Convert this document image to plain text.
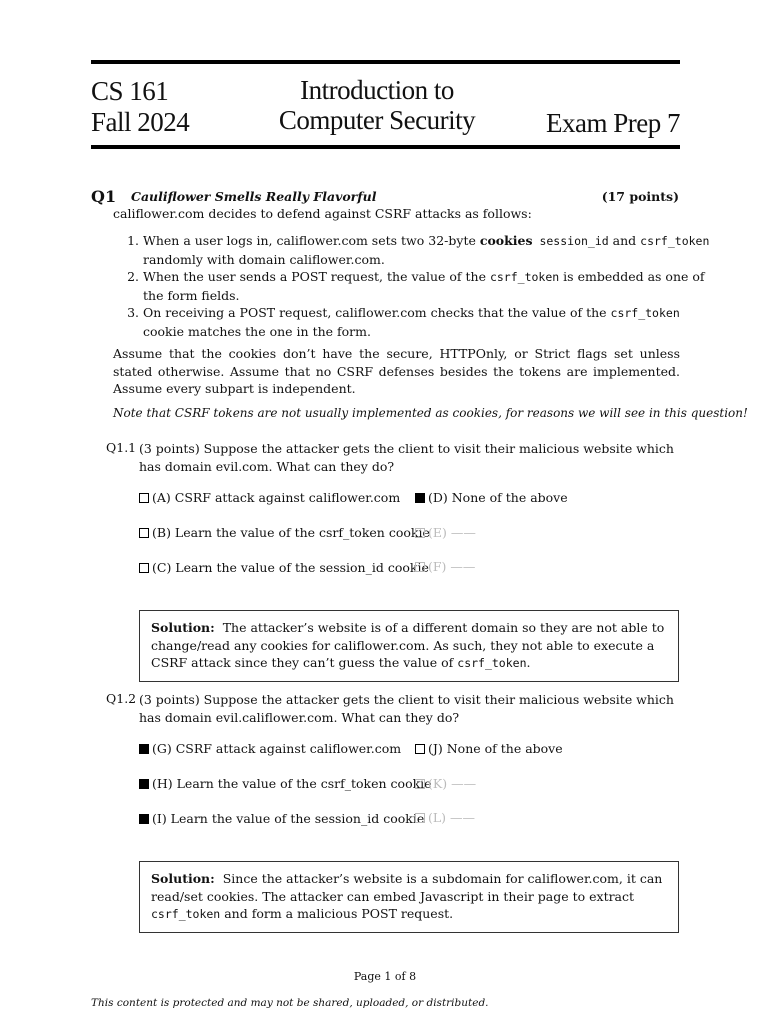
CS 161
Fall 2024
Introduction to
Computer Security	Exam Prep 7
Q1 Cauliflower Smells Really Flavorful	(17 points)
califlower.com decides to defend against CSRF attacks as follows:
1. When a user logs in, califlower.com sets two 32-byte cookies session_id and csrf_token randomly with domain califlower.com.
2. When the user sends a POST request, the value of the csrf_token is embedded as one of the form fields.
3. On receiving a POST request, califlower.com checks that the value of the csrf_token cookie matches the one in the form.
Assume that the cookies don’t have the secure, HTTPOnly, or Strict flags set unless stated otherwise. Assume that no CSRF defenses besides the tokens are implemented. Assume every subpart is independent.
Note that CSRF tokens are not usually implemented as cookies, for reasons we will see in this question!
Q1.1 (3 points) Suppose the attacker gets the client to visit their malicious website which has domain evil.com. What can they do?
(A) CSRF attack against califlower.com
(B) Learn the value of the csrf_token cookie
(C) Learn the value of the session_id cookie
(D) None of the above
(E) ——
(F) ——
Solution: The attacker’s website is of a different domain so they are not able to change/read any cookies for califlower.com. As such, they not able to execute a CSRF attack since they can’t guess the value of csrf_token.
Q1.2 (3 points) Suppose the attacker gets the client to visit their malicious website which has domain evil.califlower.com. What can they do?
(G) CSRF attack against califlower.com
(H) Learn the value of the csrf_token cookie
(I) Learn the value of the session_id cookie
(J) None of the above
(K) ——
(L) ——
Solution: Since the attacker’s website is a subdomain for califlower.com, it can read/set cookies. The attacker can embed Javascript in their page to extract csrf_token and form a malicious POST request.
Page 1 of 8
This content is protected and may not be shared, uploaded, or distributed.
